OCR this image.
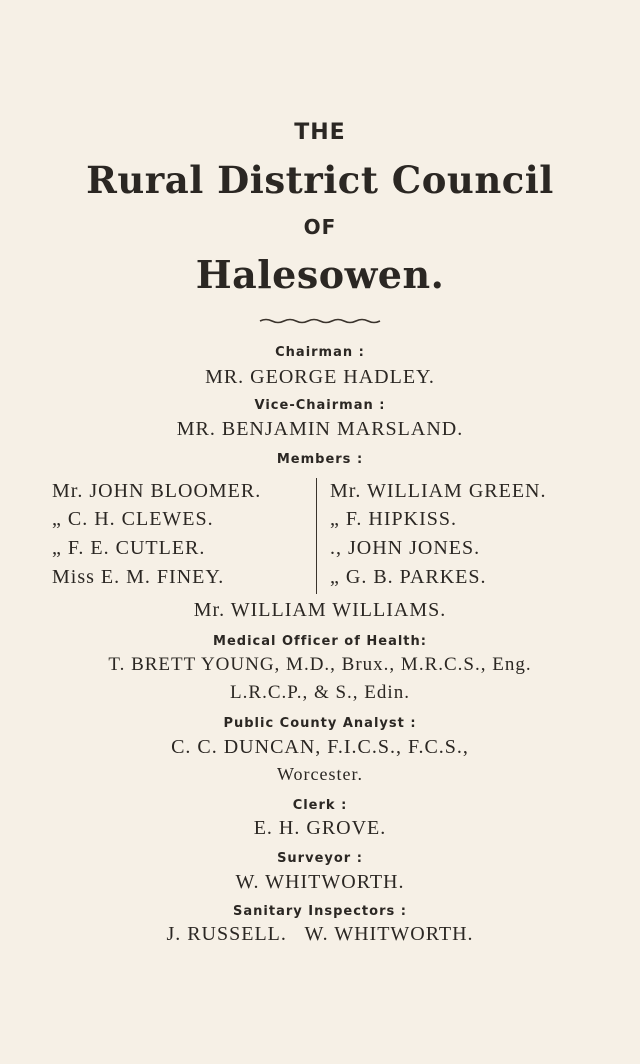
THE
Rural District Council
OF
Halesowen.
Chairman :
MR. GEORGE HADLEY.
Vice-Chairman :
MR. BENJAMIN MARSLAND.
Members :
Mr. JOHN BLOOMER.
„ C. H. CLEWES.
„ F. E. CUTLER.
Miss E. M. FINEY.
Mr. WILLIAM GREEN.
„ F. HIPKISS.
., JOHN JONES.
„ G. B. PARKES.
Mr. WILLIAM WILLIAMS.
Medical Officer of Health:
T. BRETT YOUNG, M.D., Brux., M.R.C.S., Eng.
L.R.C.P., & S., Edin.
Public County Analyst :
C. C. DUNCAN, F.I.C.S., F.C.S.,
Worcester.
Clerk :
E. H. GROVE.
Surveyor :
W. WHITWORTH.
Sanitary Inspectors :
J. RUSSELL.   W. WHITWORTH.
